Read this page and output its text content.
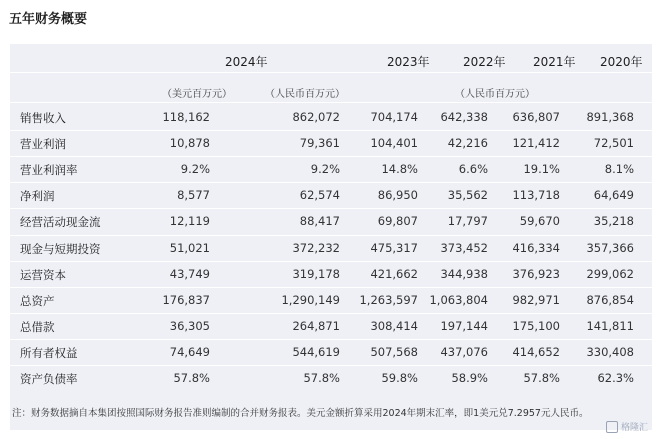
五年财务概要
2024年	2023年	2022年 2021年 2020年
（美元百万元）	（人民币百万元）	（人民币百万元）
销售收入	118,162	862,072	704,174	642,338	636,807	891,368
营业利润	10,878	79,361	104,401	42,216	121,412	72,501
营业利润率	9.2%	9.2%	14.8%	6.6%	19.1%	8.1%
净利润	8,577	62,574	86,950	35,562	113,718	64,649
经营活动现金流	12,119	88,417	69,807	17,797	59,670	35,218
现金与短期投资	51,021	372,232	475,317	373,452	416,334	357,366
运营资本	43,749	319,178	421,662	344,938	376,923	299,062
总资产	176,837	1,290,149	1,263,597 1,063,804	982,971	876,854
总借款	36,305	264,871	308,414	197,144	175,100	141,811
所有者权益	74,649	544,619	507,568	437,076	414,652	330,408
资产负债率	57.8%	57.8%	59.8%	58.9%	57.8%	62.3%
注：财务数据摘自本集团按照国际财务报告准则编制的合并财务报表。美元金额折算采用2024年期末汇率，即1美元兑7.2957元人民币。
格隆汇
